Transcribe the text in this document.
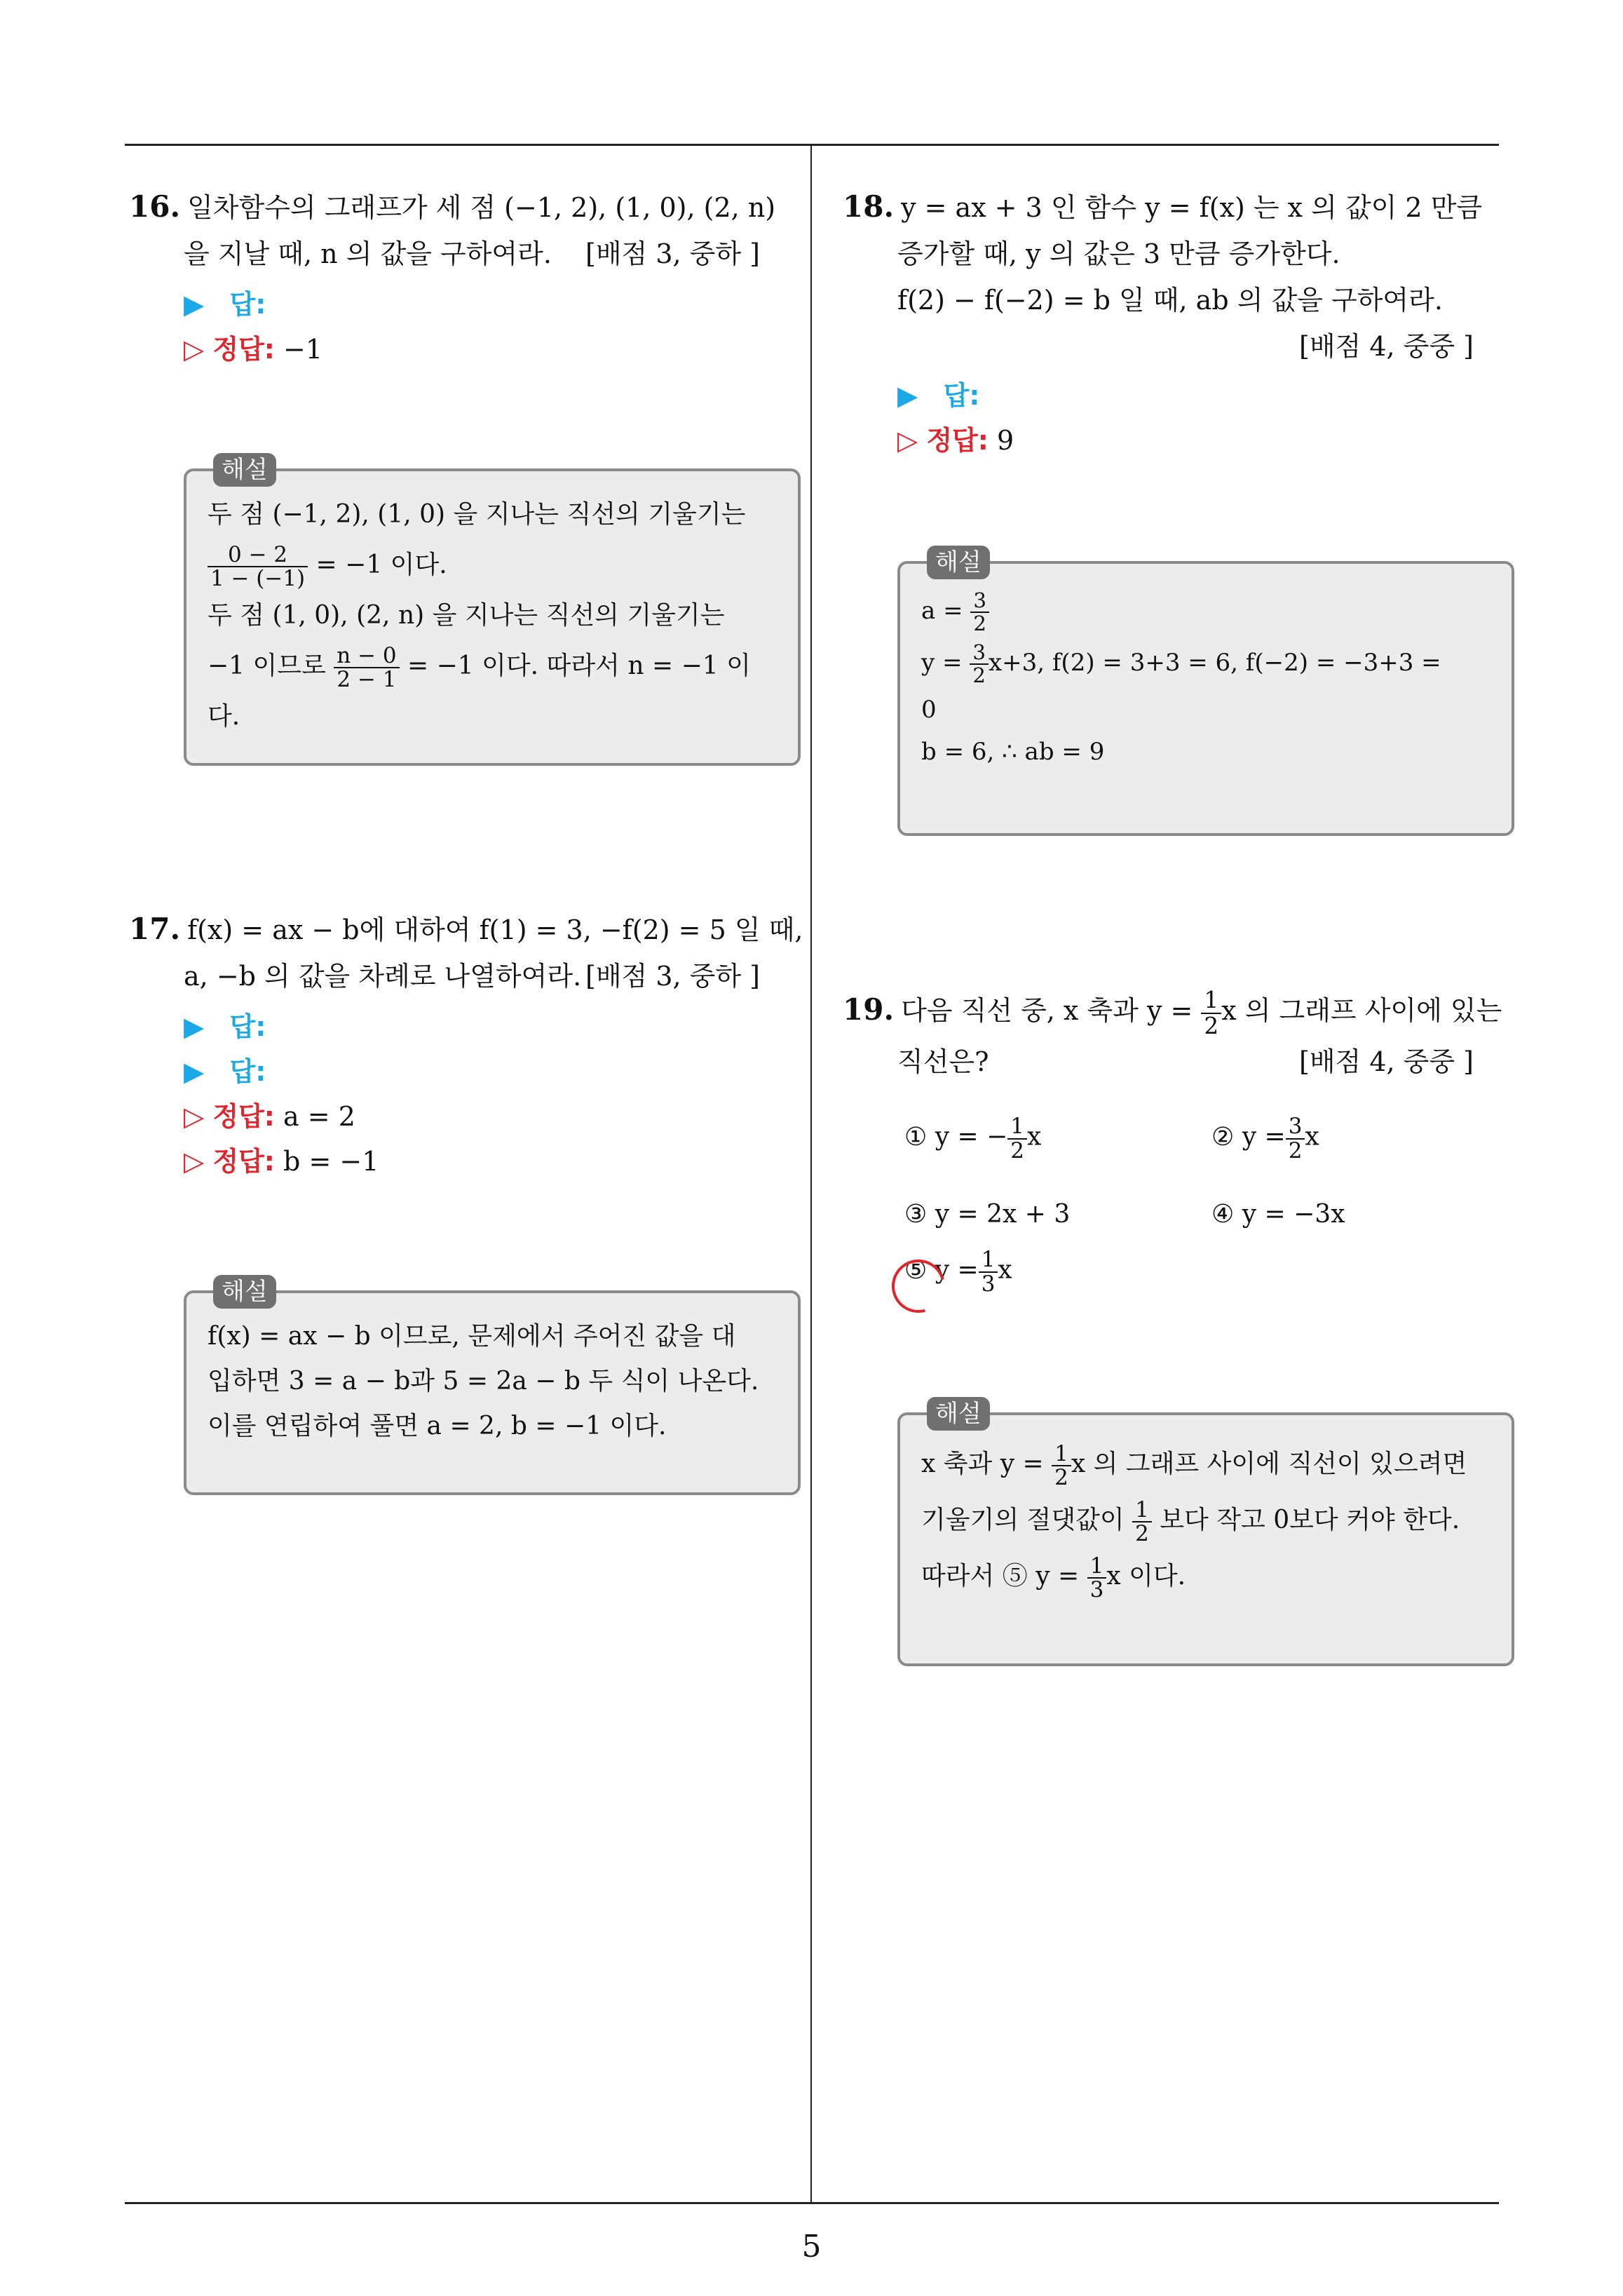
16. 일차함수의 그래프가 세 점 (−1, 2), (1, 0), (2, n)
을 지날 때, n 의 값을 구하여라. [배점 3, 중하 ]
▶ 답:
▷ 정답: −1
해설
두 점 (−1, 2), (1, 0) 을 지나는 직선의 기울기는
$\frac{0 - 2}{1 - (-1)} = -1$ 이다.
두 점 (1, 0), (2, n) 을 지나는 직선의 기울기는
−1 이므로 $\frac{n - 0}{2 - 1} = -1$ 이다. 따라서 n = −1 이
다.
17. f(x) = ax − b에 대하여 f(1) = 3, −f(2) = 5 일 때,
a, −b 의 값을 차례로 나열하여라. [배점 3, 중하 ]
▶ 답:
▶ 답:
▷ 정답: a = 2
▷ 정답: b = −1
해설
f(x) = ax − b 이므로, 문제에서 주어진 값을 대
입하면 3 = a − b과 5 = 2a − b 두 식이 나온다.
이를 연립하여 풀면 a = 2, b = −1 이다.
18. y = ax + 3 인 함수 y = f(x) 는 x 의 값이 2 만큼
증가할 때, y 의 값은 3 만큼 증가한다.
f(2) − f(−2) = b 일 때, ab 의 값을 구하여라.
[배점 4, 중중 ]
▶ 답:
▷ 정답: 9
해설
$a = \frac{3}{2}$
$y = \frac{3}{2} x+3$, f(2) = 3+3 = 6, f(−2) = −3+3 =
0
b = 6, ∴ ab = 9
19. 다음 직선 중, x 축과 $y = \frac{1}{2}$ x 의 그래프 사이에 있는
직선은?	[배점 4, 중중 ]
① y = − $\frac{1}{2}$ x	② $y = \frac{3}{2}$ x
③ y = 2x + 3	④ y = −3x
⑤ $y = \frac{1}{3}$ x
해설
x 축과 $y = \frac{1}{2}$ x 의 그래프 사이에 직선이 있으려면
기울기의 절댓값이 $\frac{1}{2}$ 보다 작고 0보다 커야 한다.
따라서 ⑤ $y = \frac{1}{3}$ x 이다.
5
